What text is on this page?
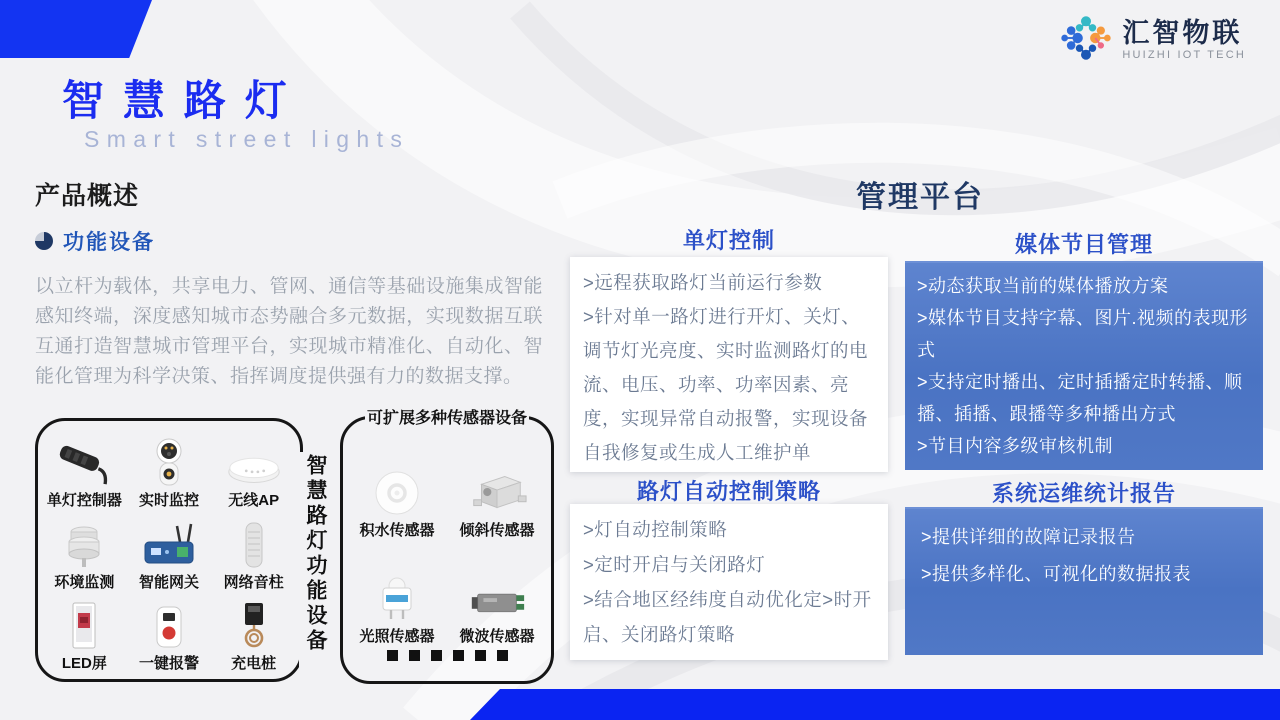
汇智物联
HUIZHI IOT TECH
智慧路灯
Smart street lights
产品概述
功能设备
以立杆为载体，共享电力、管网、通信等基础设施集成智能感知终端，深度感知城市态势融合多元数据，实现数据互联互通打造智慧城市管理平台，实现城市精准化、自动化、智能化管理为科学决策、指挥调度提供强有力的数据支撑。
单灯控制器 实时监控 无线AP
环境监测 智能网关 网络音柱
LED屏 一键报警 充电桩
智慧路灯功能设备
可扩展多种传感器设备
积水传感器 倾斜传感器
光照传感器 微波传感器
管理平台
单灯控制
>远程获取路灯当前运行参数
>针对单一路灯进行开灯、关灯、调节灯光亮度、实时监测路灯的电流、电压、功率、功率因素、亮度，实现异常自动报警，实现设备自我修复或生成人工维护单
媒体节目管理
>动态获取当前的媒体播放方案
>媒体节目支持字幕、图片.视频的表现形式
>支持定时播出、定时插播定时转播、顺播、插播、跟播等多种播出方式
>节目内容多级审核机制
路灯自动控制策略
>灯自动控制策略
>定时开启与关闭路灯
>结合地区经纬度自动优化定>时开启、关闭路灯策略
系统运维统计报告
>提供详细的故障记录报告
>提供多样化、可视化的数据报表
